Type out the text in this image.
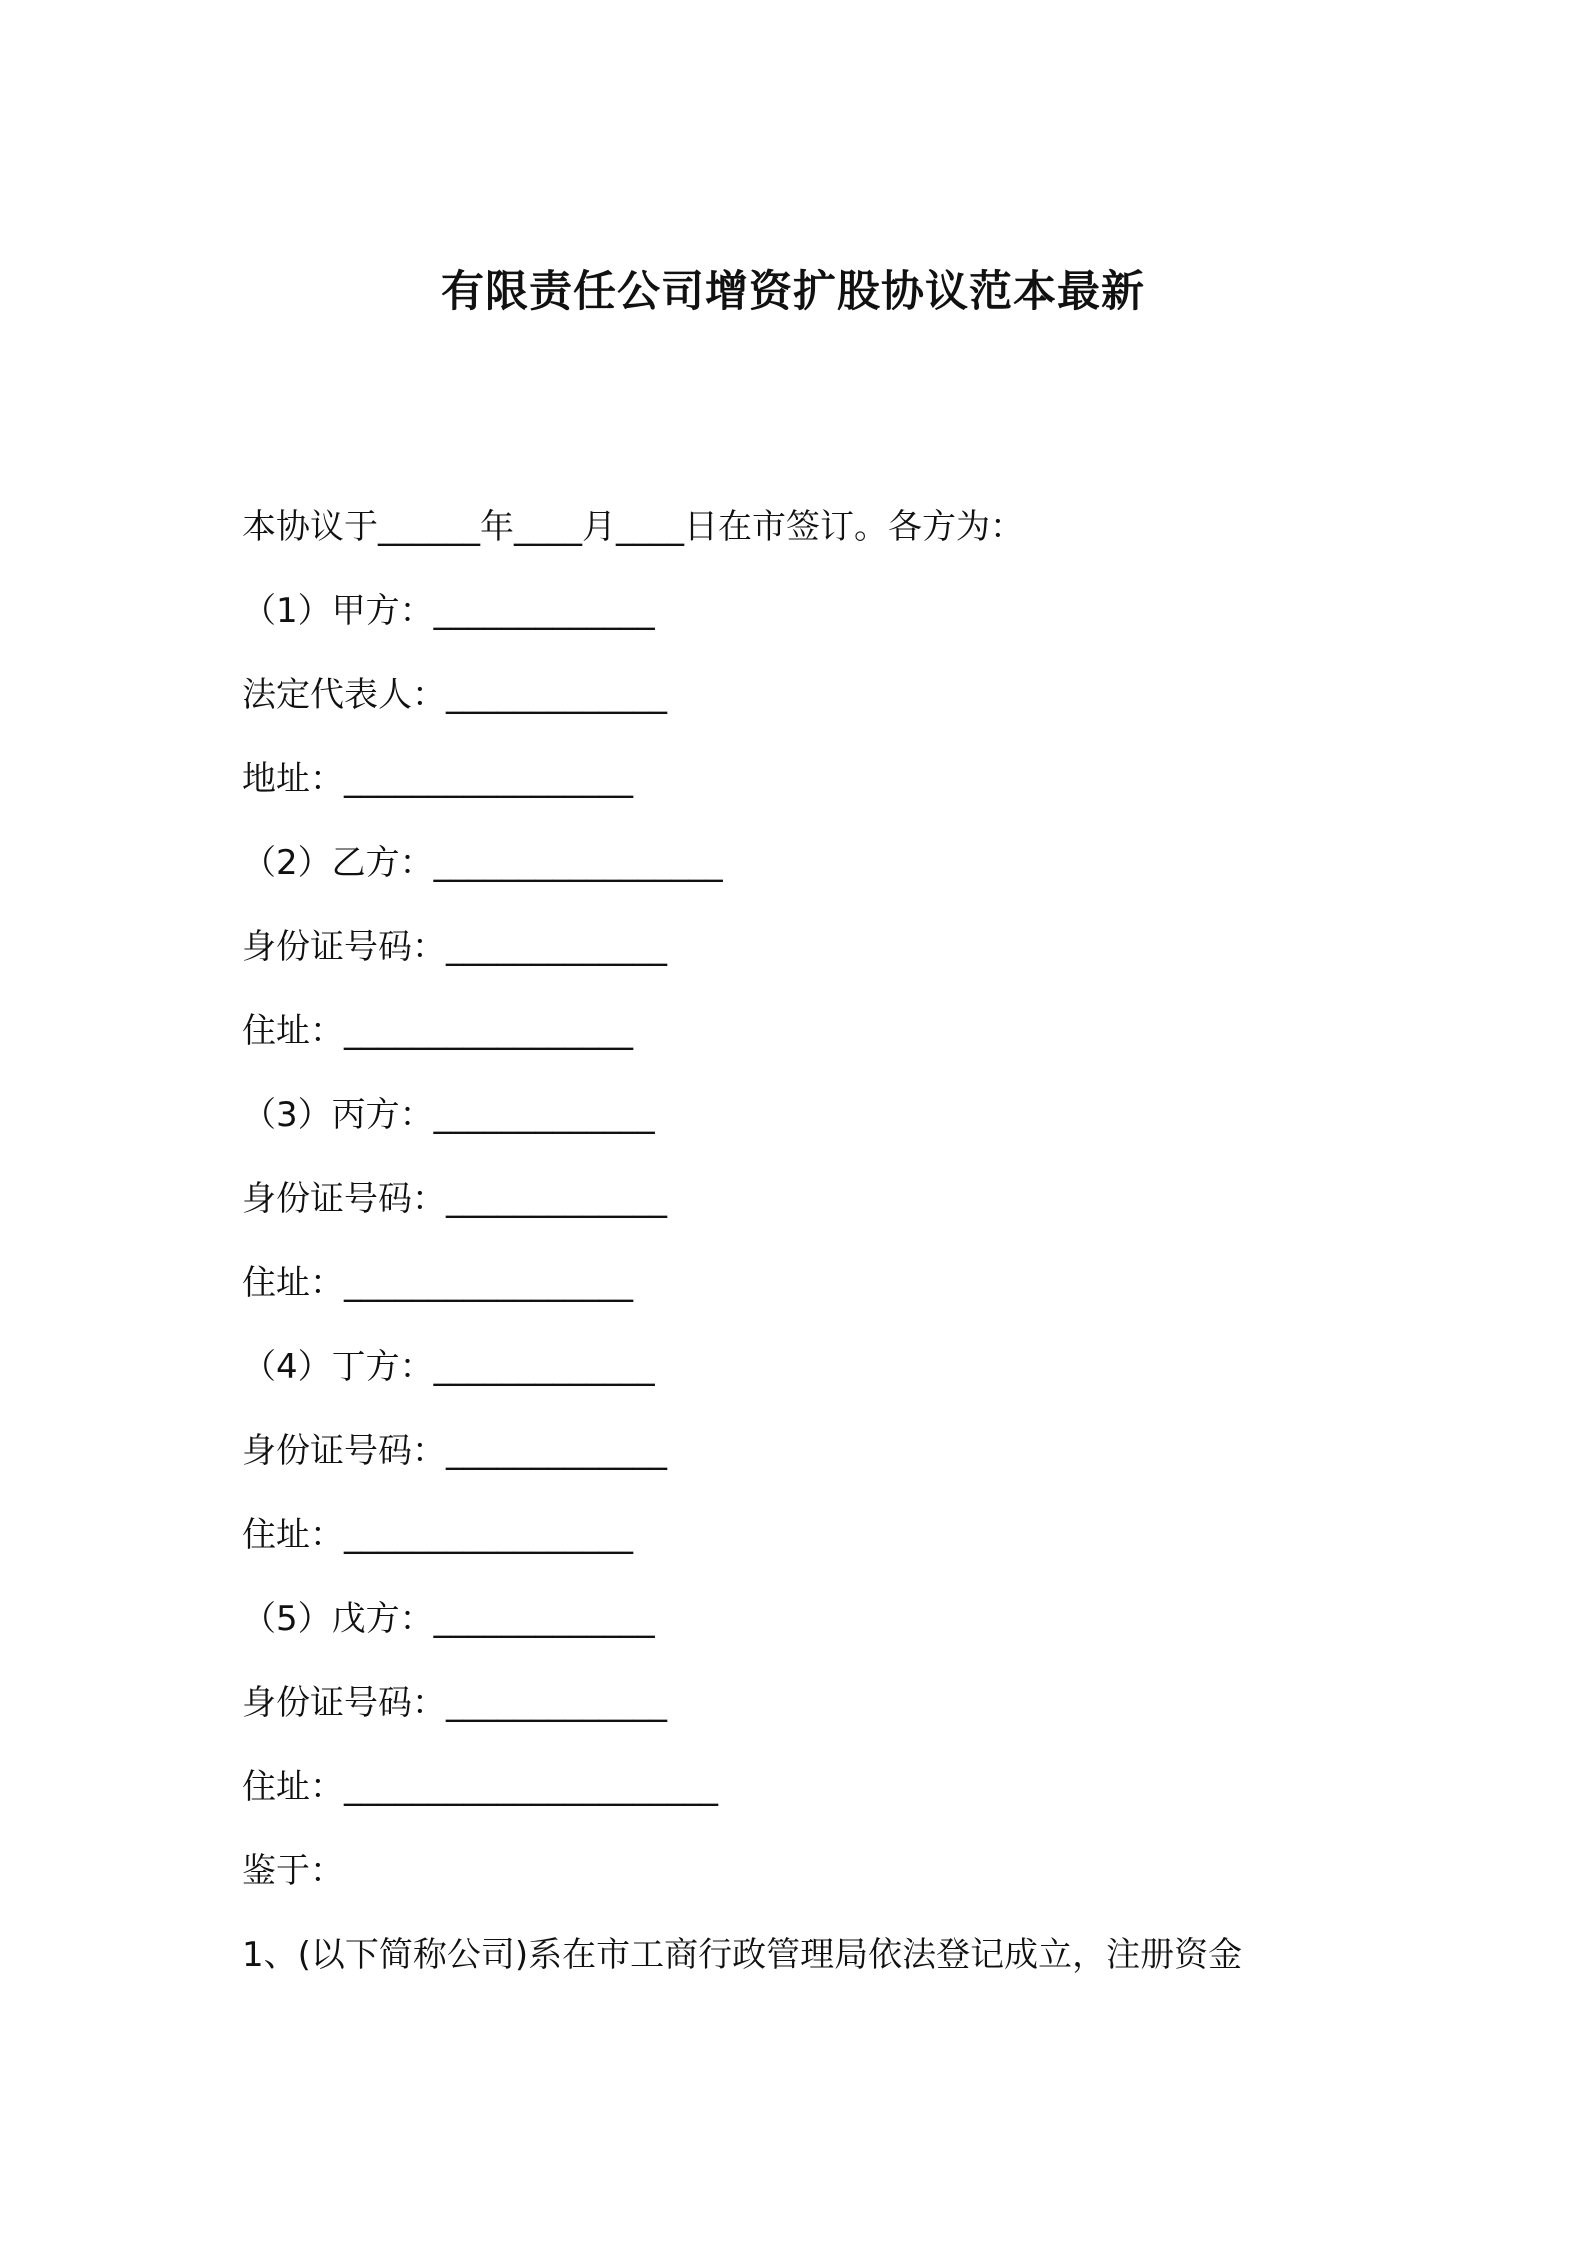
有限责任公司增资扩股协议范本最新

本协议于______年____月____日在市签订。各方为：

（1）甲方：_____________

法定代表人：_____________

地址：_________________

（2）乙方：_________________

身份证号码：_____________

住址：_________________

（3）丙方：_____________

身份证号码：_____________

住址：_________________

（4）丁方：_____________

身份证号码：_____________

住址：_________________

（5）戊方：_____________

身份证号码：_____________

住址：______________________

鉴于：

1、(以下简称公司)系在市工商行政管理局依法登记成立，注册资金
